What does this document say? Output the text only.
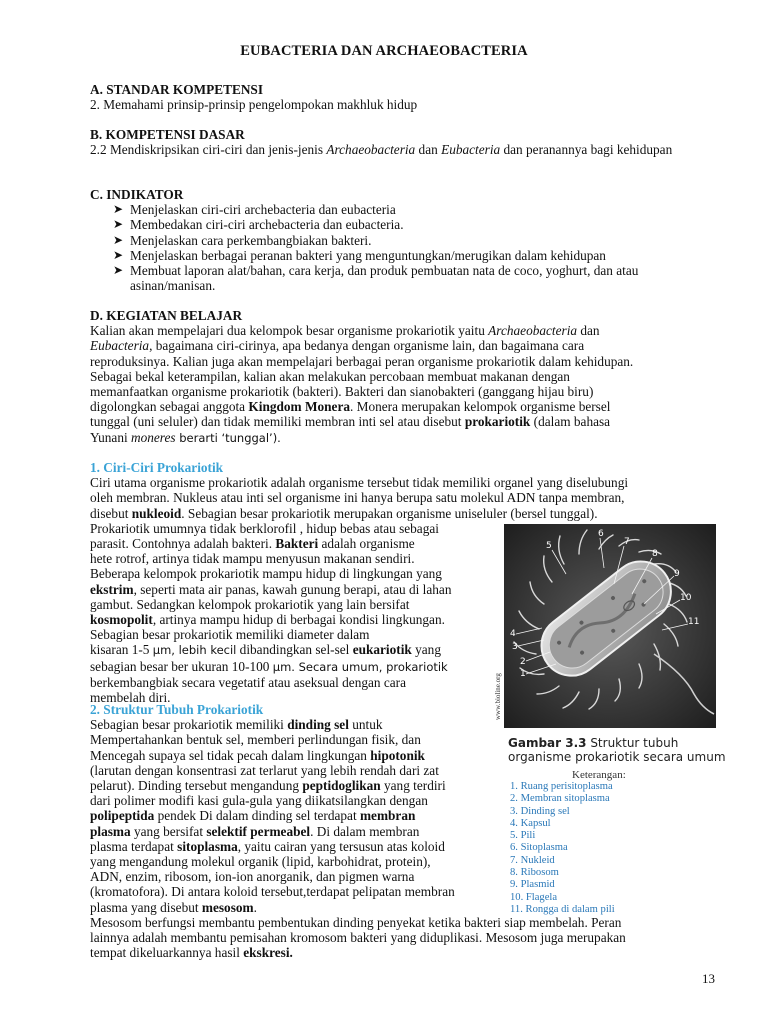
EUBACTERIA DAN ARCHAEOBACTERIA
A. STANDAR KOMPETENSI
2. Memahami prinsip-prinsip pengelompokan makhluk hidup
B. KOMPETENSI DASAR
2.2 Mendiskripsikan ciri-ciri dan jenis-jenis Archaeobacteria dan Eubacteria dan peranannya bagi kehidupan
C. INDIKATOR
➤ Menjelaskan ciri-ciri archebacteria dan eubacteria
➤ Membedakan ciri-ciri archebacteria dan eubacteria.
➤ Menjelaskan cara perkembangbiakan bakteri.
➤ Menjelaskan berbagai peranan bakteri yang menguntungkan/merugikan dalam kehidupan
➤ Membuat laporan alat/bahan, cara kerja, dan produk pembuatan nata de coco, yoghurt, dan atau asinan/manisan.
D. KEGIATAN BELAJAR
Kalian akan mempelajari dua kelompok besar organisme prokariotik yaitu Archaeobacteria dan
Eubacteria, bagaimana ciri-cirinya, apa bedanya dengan organisme lain, dan bagaimana cara
reproduksinya. Kalian juga akan mempelajari berbagai peran organisme prokariotik dalam kehidupan.
Sebagai bekal keterampilan, kalian akan melakukan percobaan membuat makanan dengan
memanfaatkan organisme prokariotik (bakteri). Bakteri dan sianobakteri (ganggang hijau biru)
digolongkan sebagai anggota Kingdom Monera. Monera merupakan kelompok organisme bersel
tunggal (uni seluler) dan tidak memiliki membran inti sel atau disebut prokariotik (dalam bahasa
Yunani moneres berarti ‘tunggal’).
1. Ciri-Ciri Prokariotik
Ciri utama organisme prokariotik adalah organisme tersebut tidak memiliki organel yang diselubungi
oleh membran. Nukleus atau inti sel organisme ini hanya berupa satu molekul ADN tanpa membran,
disebut nukleoid. Sebagian besar prokariotik merupakan organisme uniseluler (bersel tunggal).
Prokariotik umumnya tidak berklorofil , hidup bebas atau sebagai
parasit. Contohnya adalah bakteri. Bakteri adalah organisme
hete rotrof, artinya tidak mampu menyusun makanan sendiri.
Beberapa kelompok prokariotik mampu hidup di lingkungan yang
ekstrim, seperti mata air panas, kawah gunung berapi, atau di lahan
gambut. Sedangkan kelompok prokariotik yang lain bersifat
kosmopolit, artinya mampu hidup di berbagai kondisi lingkungan.
Sebagian besar prokariotik memiliki diameter dalam
kisaran 1-5 µm, lebih kecil dibandingkan sel-sel eukariotik yang
sebagian besar ber ukuran 10-100 µm. Secara umum, prokariotik
berkembangbiak secara vegetatif atau aseksual dengan cara
membelah diri.
2. Struktur Tubuh Prokariotik
Sebagian besar prokariotik memiliki dinding sel untuk
Mempertahankan bentuk sel, memberi perlindungan fisik, dan
Mencegah supaya sel tidak pecah dalam lingkungan hipotonik
(larutan dengan konsentrasi zat terlarut yang lebih rendah dari zat
pelarut). Dinding tersebut mengandung peptidoglikan yang terdiri
dari polimer modifi kasi gula-gula yang diikatsilangkan dengan
polipeptida pendek Di dalam dinding sel terdapat membran
plasma yang bersifat selektif permeabel. Di dalam membran
plasma terdapat sitoplasma, yaitu cairan yang tersusun atas koloid
yang mengandung molekul organik (lipid, karbohidrat, protein),
ADN, enzim, ribosom, ion-ion anorganik, dan pigmen warna
(kromatofora). Di antara koloid tersebut,terdapat pelipatan membran
plasma yang disebut mesosom.
Mesosom berfungsi membantu pembentukan dinding penyekat ketika bakteri siap membelah. Peran
lainnya adalah membantu pemisahan kromosom bakteri yang diduplikasi. Mesosom juga merupakan
tempat dikeluarkannya hasil ekskresi.
1
2
3
4
5
6
7
8
9
10
11
www.bioline.org
Gambar 3.3 Struktur tubuh organisme prokariotik secara umum
Keterangan:
1. Ruang perisitoplasma
2. Membran sitoplasma
3. Dinding sel
4. Kapsul
5. Pili
6. Sitoplasma
7. Nukleid
8. Ribosom
9. Plasmid
10. Flagela
11. Rongga di dalam pili
13
